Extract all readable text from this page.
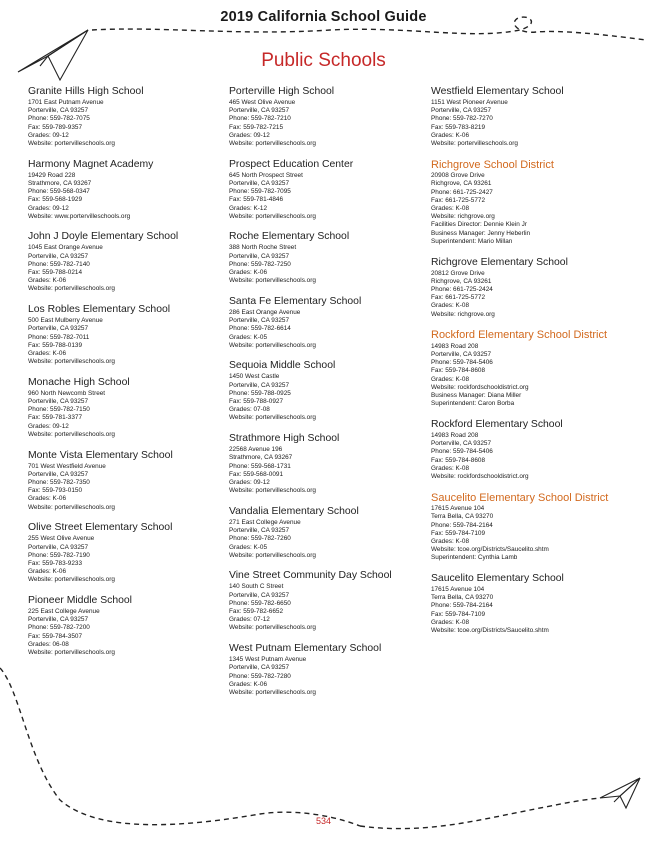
2019 California School Guide
Public Schools
Granite Hills High School
1701 East Putnam Avenue
Porterville, CA 93257
Phone: 559-782-7075
Fax: 559-789-9357
Grades: 09-12
Website: portervilleschools.org
Harmony Magnet Academy
19429 Road 228
Strathmore, CA 93267
Phone: 559-568-0347
Fax: 559-568-1929
Grades: 09-12
Website: www.portervilleschools.org
John J Doyle Elementary School
1045 East Orange Avenue
Porterville, CA 93257
Phone: 559-782-7140
Fax: 559-788-0214
Grades: K-06
Website: portervilleschools.org
Los Robles Elementary School
500 East Mulberry Avenue
Porterville, CA 93257
Phone: 559-782-7011
Fax: 559-788-0139
Grades: K-06
Website: portervilleschools.org
Monache High School
960 North Newcomb Street
Porterville, CA 93257
Phone: 559-782-7150
Fax: 559-781-3377
Grades: 09-12
Website: portervilleschools.org
Monte Vista Elementary School
701 West Westfield Avenue
Porterville, CA 93257
Phone: 559-782-7350
Fax: 559-793-0150
Grades: K-06
Website: portervilleschools.org
Olive Street Elementary School
255 West Olive Avenue
Porterville, CA 93257
Phone: 559-782-7190
Fax: 559-783-9233
Grades: K-06
Website: portervilleschools.org
Pioneer Middle School
225 East College Avenue
Porterville, CA 93257
Phone: 559-782-7200
Fax: 559-784-3507
Grades: 06-08
Website: portervilleschools.org
Porterville High School
465 West Olive Avenue
Porterville, CA 93257
Phone: 559-782-7210
Fax: 559-782-7215
Grades: 09-12
Website: portervilleschools.org
Prospect Education Center
645 North Prospect Street
Porterville, CA 93257
Phone: 559-782-7095
Fax: 559-781-4846
Grades: K-12
Website: portervilleschools.org
Roche Elementary School
388 North Roche Street
Porterville, CA 93257
Phone: 559-782-7250
Grades: K-06
Website: portervilleschools.org
Santa Fe Elementary School
286 East Orange Avenue
Porterville, CA 93257
Phone: 559-782-6614
Grades: K-05
Website: portervilleschools.org
Sequoia Middle School
1450 West Castle
Porterville, CA 93257
Phone: 559-788-0925
Fax: 559-788-0927
Grades: 07-08
Website: portervilleschools.org
Strathmore High School
22568 Avenue 196
Strathmore, CA 93267
Phone: 559-568-1731
Fax: 559-568-0091
Grades: 09-12
Website: portervilleschools.org
Vandalia Elementary School
271 East College Avenue
Porterville, CA 93257
Phone: 559-782-7260
Grades: K-05
Website: portervilleschools.org
Vine Street Community Day School
140 South C Street
Porterville, CA 93257
Phone: 559-782-6650
Fax: 559-782-6652
Grades: 07-12
Website: portervilleschools.org
West Putnam Elementary School
1345 West Putnam Avenue
Porterville, CA 93257
Phone: 559-782-7280
Grades: K-06
Website: portervilleschools.org
Westfield Elementary School
1151 West Pioneer Avenue
Porterville, CA 93257
Phone: 559-782-7270
Fax: 559-783-8219
Grades: K-06
Website: portervilleschools.org
Richgrove School District
20908 Grove Drive
Richgrove, CA 93261
Phone: 661-725-2427
Fax: 661-725-5772
Grades: K-08
Website: richgrove.org
Facilities Director: Dennie Klein Jr
Business Manager: Jenny Heberlin
Superintendent: Mario Millan
Richgrove Elementary School
20812 Grove Drive
Richgrove, CA 93261
Phone: 661-725-2424
Fax: 661-725-5772
Grades: K-08
Website: richgrove.org
Rockford Elementary School District
14983 Road 208
Porterville, CA 93257
Phone: 559-784-5406
Fax: 559-784-8608
Grades: K-08
Website: rockfordschooldistrict.org
Business Manager: Diana Miller
Superintendent: Caron Borba
Rockford Elementary School
14983 Road 208
Porterville, CA 93257
Phone: 559-784-5406
Fax: 559-784-8608
Grades: K-08
Website: rockfordschooldistrict.org
Saucelito Elementary School District
17615 Avenue 104
Terra Bella, CA 93270
Phone: 559-784-2164
Fax: 559-784-7109
Grades: K-08
Website: tcoe.org/Districts/Saucelito.shtm
Superintendent: Cynthia Lamb
Saucelito Elementary School
17615 Avenue 104
Terra Bella, CA 93270
Phone: 559-784-2164
Fax: 559-784-7109
Grades: K-08
Website: tcoe.org/Districts/Saucelito.shtm
534
